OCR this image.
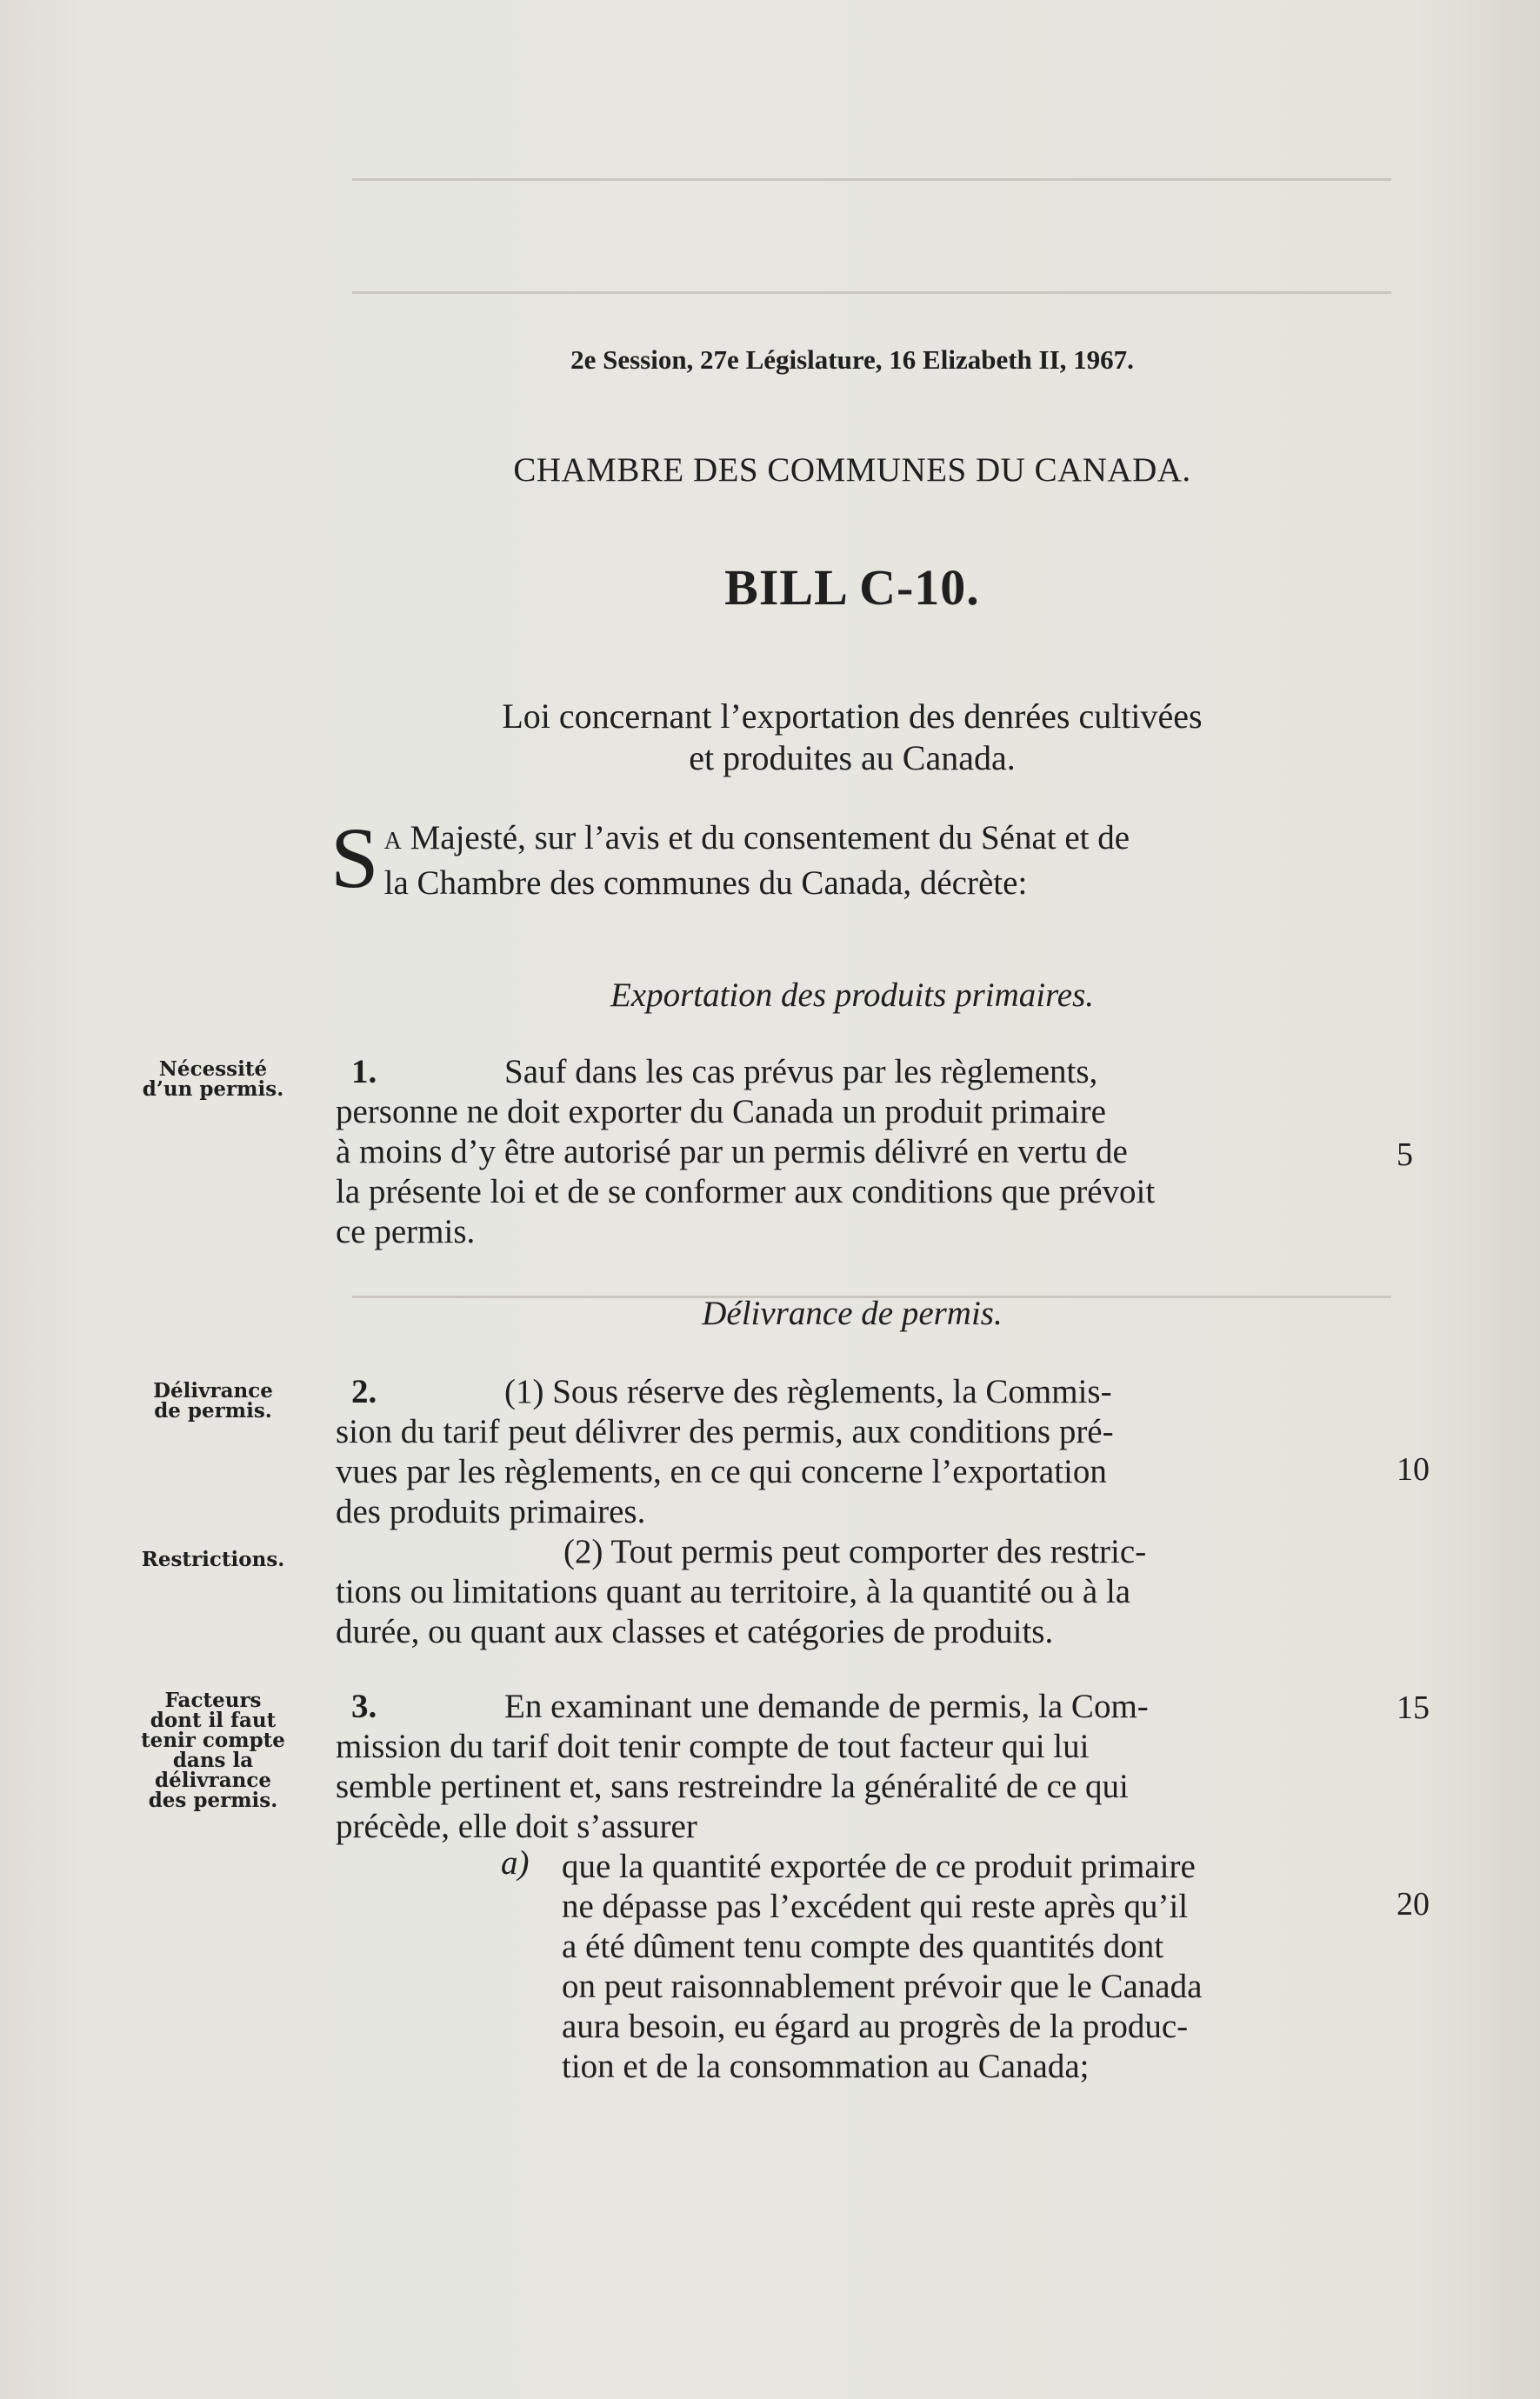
2e Session, 27e Législature, 16 Elizabeth II, 1967.
CHAMBRE DES COMMUNES DU CANADA.
BILL C-10.
Loi concernant l’exportation des denrées cultivées
et produites au Canada.
S A Majesté, sur l’avis et du consentement du Sénat et de
la Chambre des communes du Canada, décrète:
Exportation des produits primaires.
Nécessité
d’un permis.	1.	Sauf dans les cas prévus par les règlements,
personne ne doit exporter du Canada un produit primaire
à moins d’y être autorisé par un permis délivré en vertu de
la présente loi et de se conformer aux conditions que prévoit
ce permis.
5
Délivrance de permis.
Délivrance
de permis.
2.	(1) Sous réserve des règlements, la Commis-
sion du tarif peut délivrer des permis, aux conditions pré-
vues par les règlements, en ce qui concerne l’exportation
des produits primaires.
(2) Tout permis peut comporter des restric-
tions ou limitations quant au territoire, à la quantité ou à la
durée, ou quant aux classes et catégories de produits.
10
Restrictions.
Facteurs
dont il faut
tenir compte
dans la
délivrance
des permis.
3.	En examinant une demande de permis, la Com-
mission du tarif doit tenir compte de tout facteur qui lui
semble pertinent et, sans restreindre la généralité de ce qui
précède, elle doit s’assurer
15
a) que la quantité exportée de ce produit primaire
ne dépasse pas l’excédent qui reste après qu’il
a été dûment tenu compte des quantités dont
on peut raisonnablement prévoir que le Canada
aura besoin, eu égard au progrès de la produc-
tion et de la consommation au Canada;
20
